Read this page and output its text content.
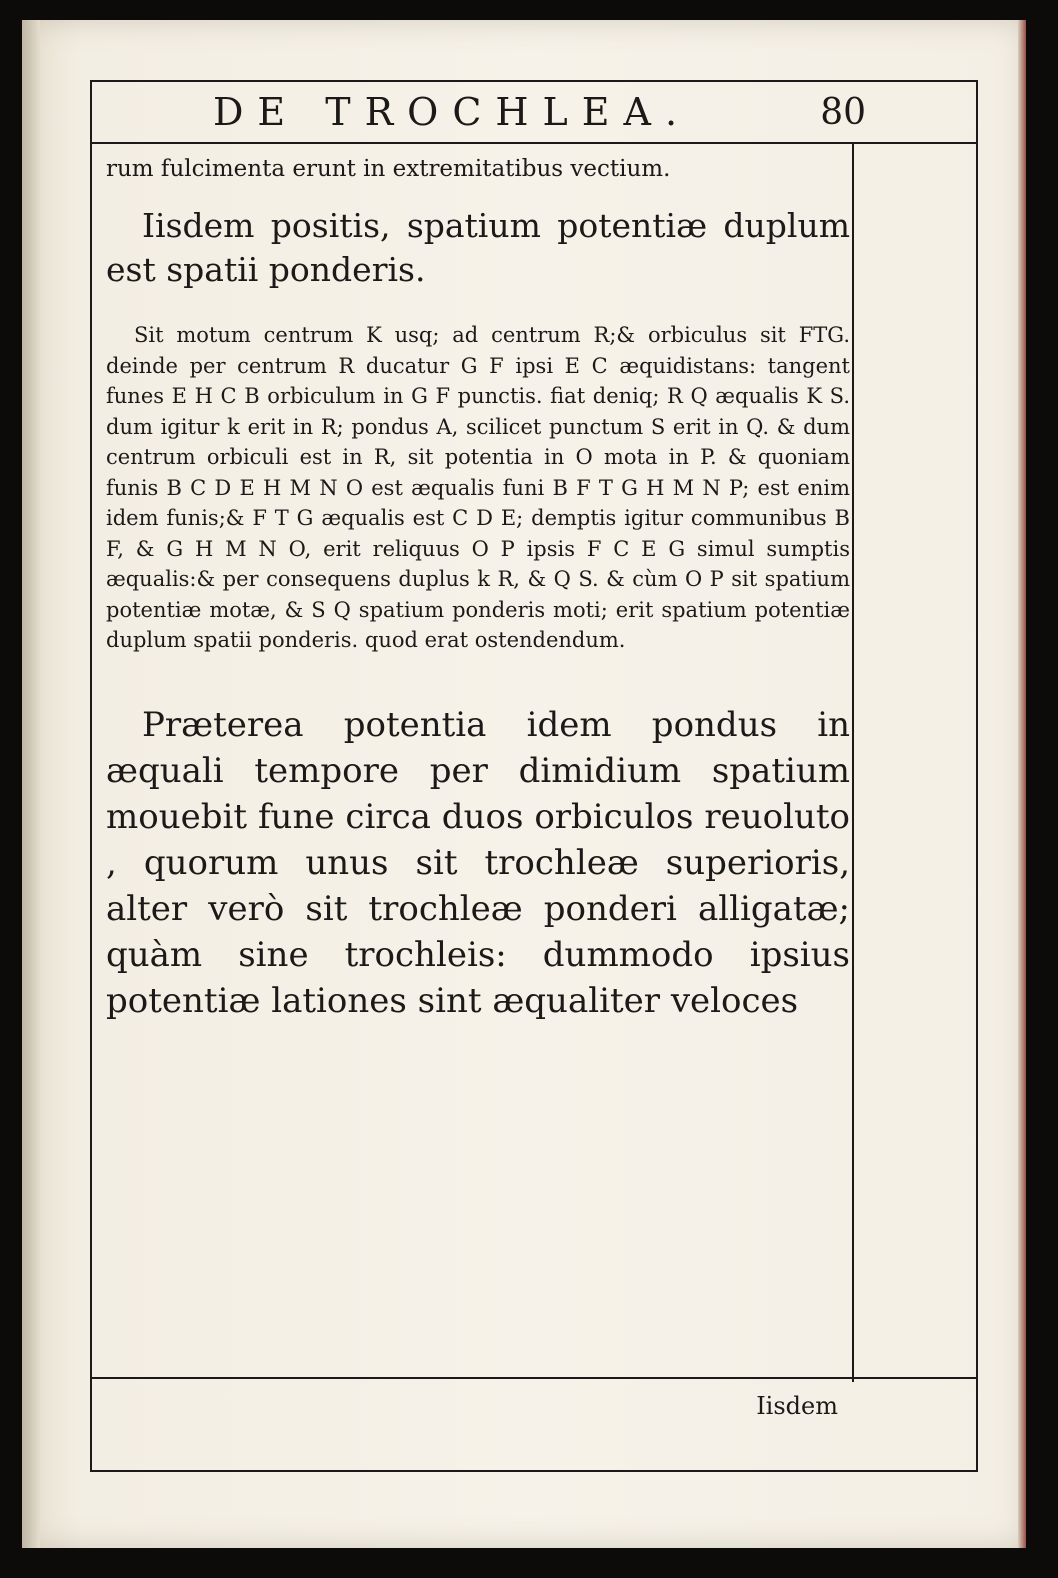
DE TROCHLEA.	80

rum fulcimenta erunt in extremitatibus vectium.

Iisdem positis, spatium potentiæ duplum est spatii ponderis.

Sit motum centrum K usq; ad centrum R;& orbiculus sit FTG. deinde per centrum R ducatur G F ipsi E C æquidistans: tangent funes E H C B orbiculum in G F punctis. fiat deniq; R Q æqualis K S. dum igitur k erit in R; pondus A, scilicet punctum S erit in Q. & dum centrum orbiculi est in R, sit potentia in O mota in P. & quoniam funis B C D E H M N O est æqualis funi B F T G H M N P; est enim idem funis;& F T G æqualis est C D E; demptis igitur communibus B F, & G H M N O, erit reliquus O P ipsis F C E G simul sumptis æqualis:& per consequens duplus k R, & Q S. & cùm O P sit spatium potentiæ motæ, & S Q spatium ponderis moti; erit spatium potentiæ duplum spatii ponderis. quod erat ostendendum.

Præterea potentia idem pondus in æquali tempore per dimidium spatium mouebit fune circa duos orbiculos reuoluto , quorum unus sit trochleæ superioris, alter verò sit trochleæ ponderi alligatæ; quàm sine trochleis: dummodo ipsius potentiæ lationes sint æqualiter veloces

Iisdem
